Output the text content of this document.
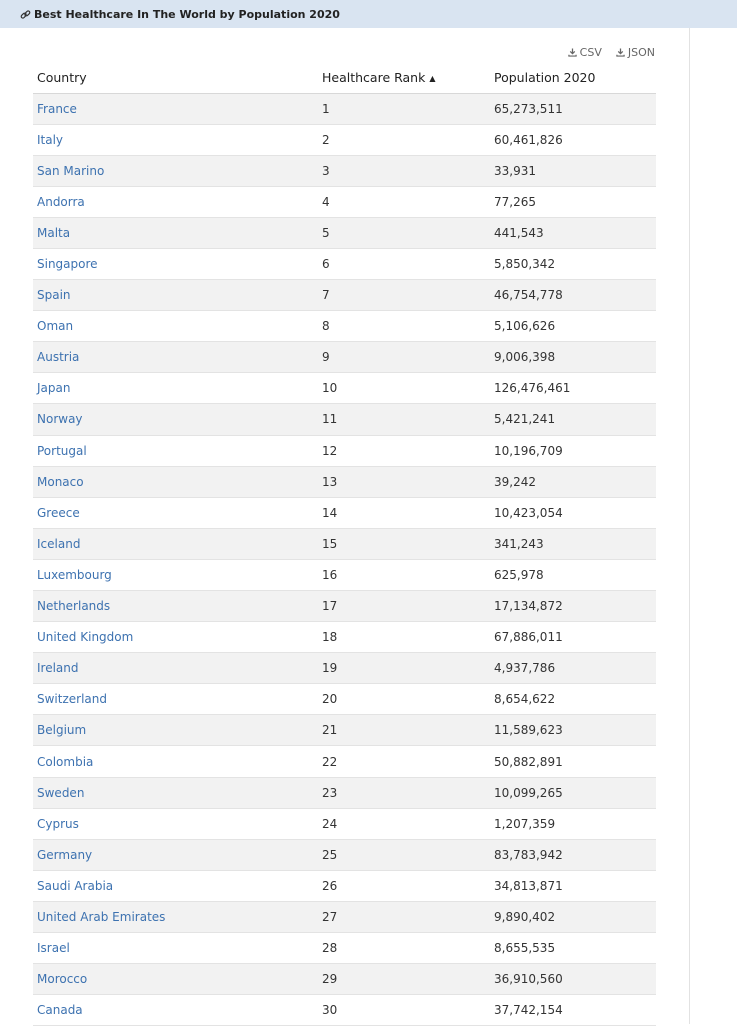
Best Healthcare In The World by Population 2020
CSV JSON
Country	Healthcare Rank ▲	Population 2020
France	1	65,273,511
Italy	2	60,461,826
San Marino	3	33,931
Andorra	4	77,265
Malta	5	441,543
Singapore	6	5,850,342
Spain	7	46,754,778
Oman	8	5,106,626
Austria	9	9,006,398
Japan	10	126,476,461
Norway	11	5,421,241
Portugal	12	10,196,709
Monaco	13	39,242
Greece	14	10,423,054
Iceland	15	341,243
Luxembourg	16	625,978
Netherlands	17	17,134,872
United Kingdom	18	67,886,011
Ireland	19	4,937,786
Switzerland	20	8,654,622
Belgium	21	11,589,623
Colombia	22	50,882,891
Sweden	23	10,099,265
Cyprus	24	1,207,359
Germany	25	83,783,942
Saudi Arabia	26	34,813,871
United Arab Emirates	27	9,890,402
Israel	28	8,655,535
Morocco	29	36,910,560
Canada	30	37,742,154
